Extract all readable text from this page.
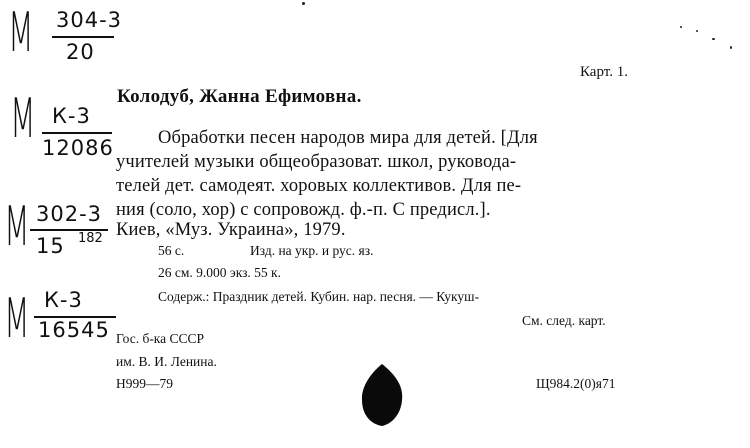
М 304-3
20
М К-3
12086
М 302-3
15 182
М К-3
16545
Карт. 1.
Колодуб, Жанна Ефимовна.
Обработки песен народов мира для детей. [Для
учителей музыки общеобразоват. школ, руковода-
телей дет. самодеят. хоровых коллективов. Для пе-
ния (соло, хор) с сопровожд. ф.-п. С предисл.].
Киев, «Муз. Украина», 1979.
56 с.	Изд. на укр. и рус. яз.
26 см. 9.000 экз. 55 к.
Содерж.: Праздник детей. Кубин. нар. песня. — Кукуш-
См. след. карт.
Гос. б-ка СССР
им. В. И. Ленина.
Н999—79	Щ984.2(0)я71
